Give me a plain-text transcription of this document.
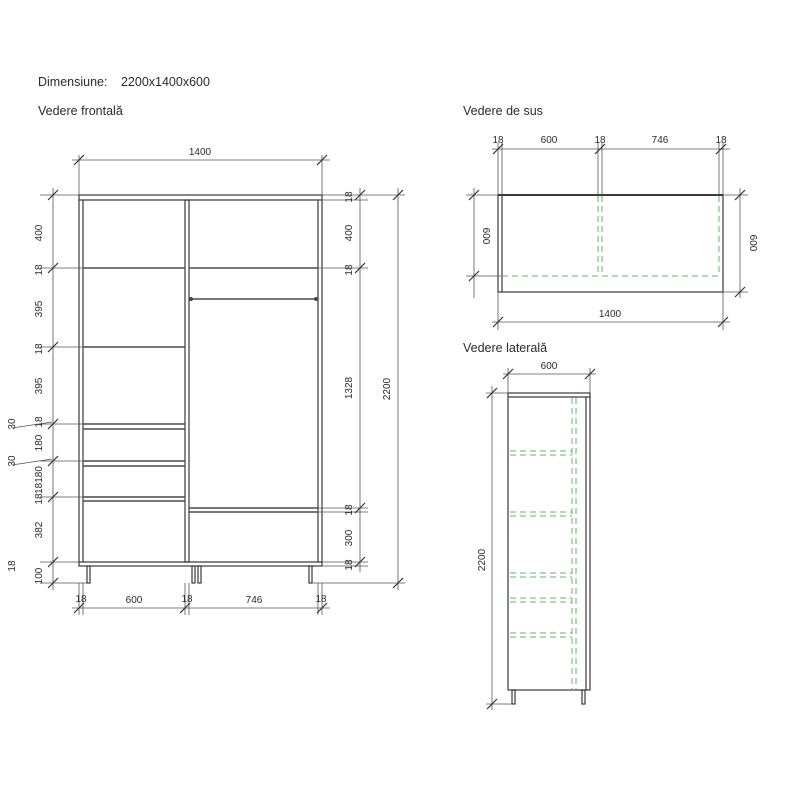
Dimensiune: 2200x1400x600
Vedere frontală	Vedere de sus
Vedere laterală
1400
18	600	18	746	18
400
18
395
18
395
30 18
180
30
18180
18
382
18
100
18
400
18
1328
18
300
18
2200
18	600	18	746	18
600	600
1400
600
2200
